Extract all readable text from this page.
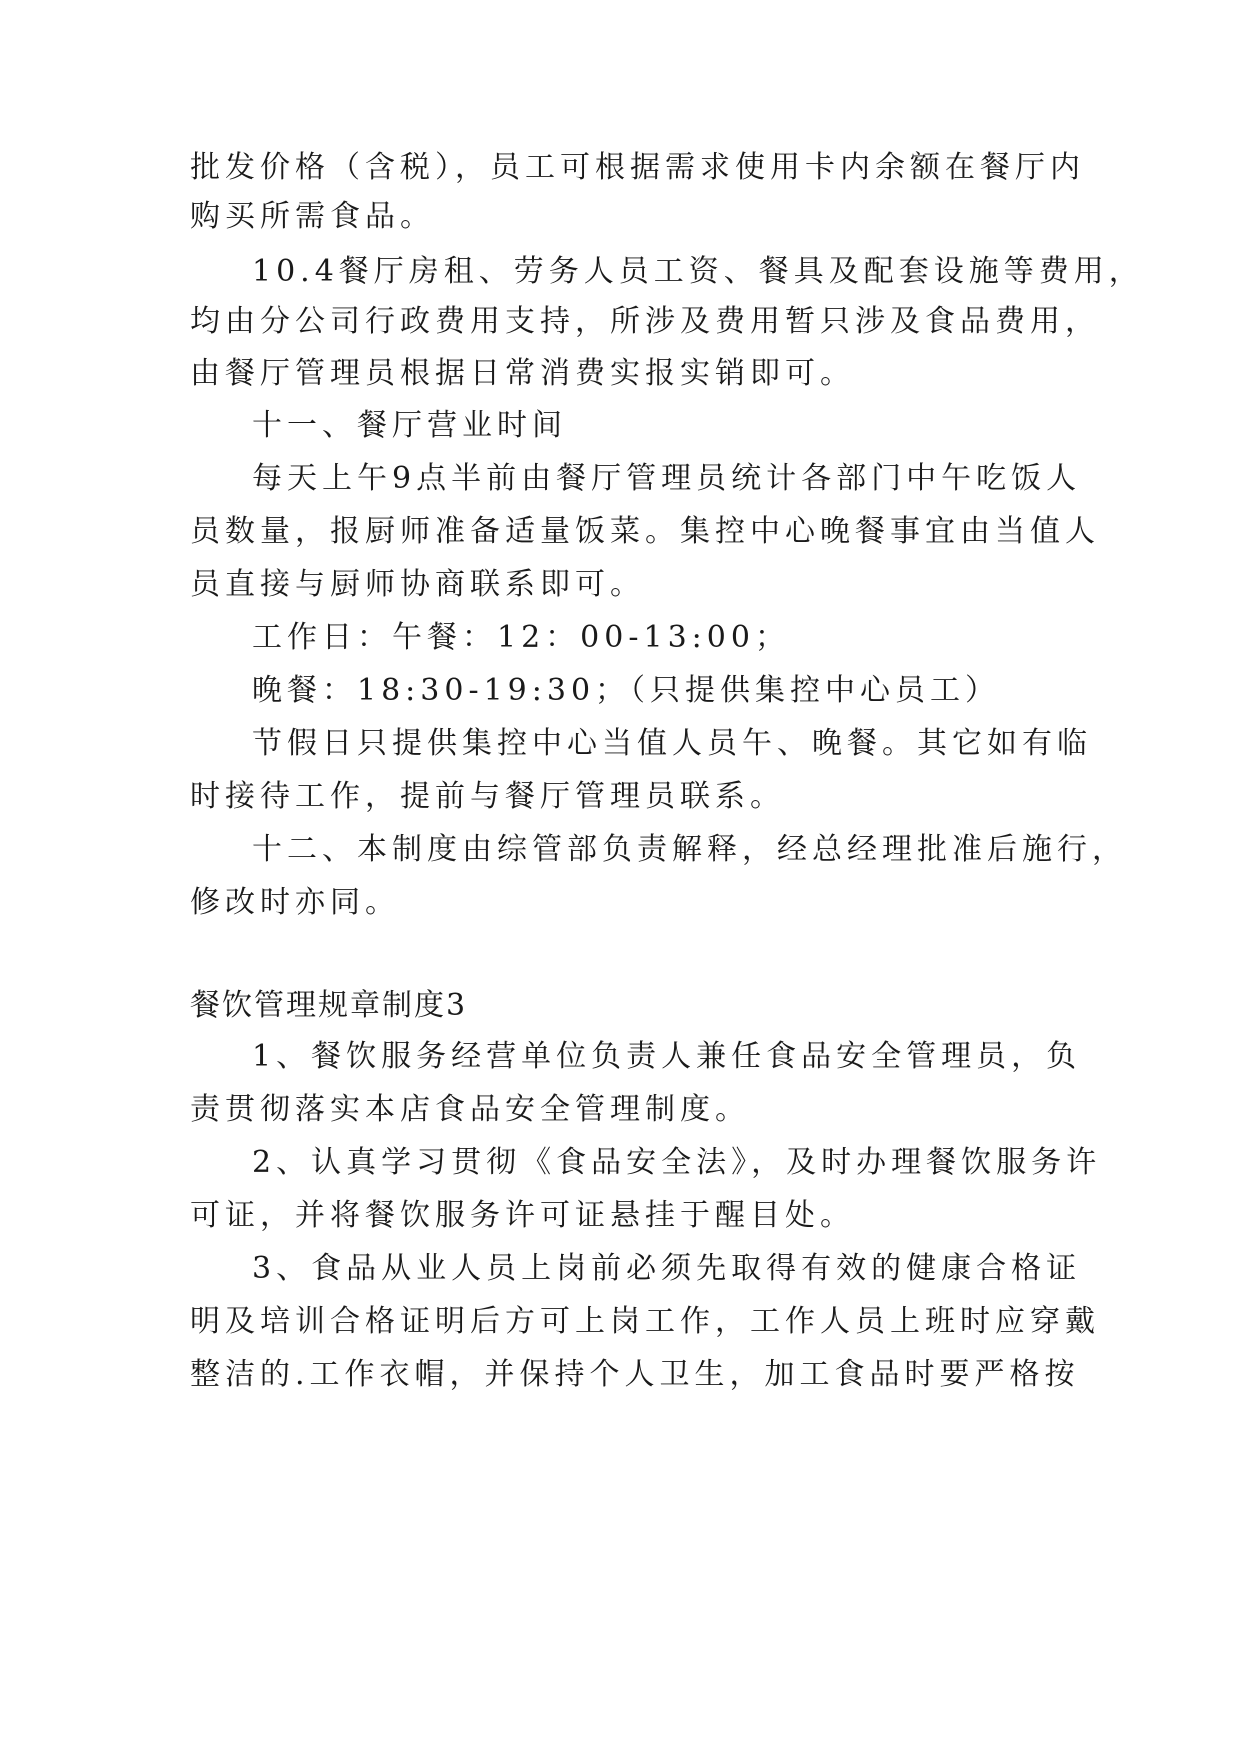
批发价格（含税），员工可根据需求使用卡内余额在餐厅内
购买所需食品。
10.4餐厅房租、劳务人员工资、餐具及配套设施等费用，
均由分公司行政费用支持，所涉及费用暂只涉及食品费用，
由餐厅管理员根据日常消费实报实销即可。
十一、餐厅营业时间
每天上午9点半前由餐厅管理员统计各部门中午吃饭人
员数量，报厨师准备适量饭菜。集控中心晚餐事宜由当值人
员直接与厨师协商联系即可。
工作日：午餐：12：00-13:00；
晚餐：18:30-19:30；（只提供集控中心员工）
节假日只提供集控中心当值人员午、晚餐。其它如有临
时接待工作，提前与餐厅管理员联系。
十二、本制度由综管部负责解释，经总经理批准后施行，
修改时亦同。
餐饮管理规章制度3
1、餐饮服务经营单位负责人兼任食品安全管理员，负
责贯彻落实本店食品安全管理制度。
2、认真学习贯彻《食品安全法》，及时办理餐饮服务许
可证，并将餐饮服务许可证悬挂于醒目处。
3、食品从业人员上岗前必须先取得有效的健康合格证
明及培训合格证明后方可上岗工作，工作人员上班时应穿戴
整洁的.工作衣帽，并保持个人卫生，加工食品时要严格按
